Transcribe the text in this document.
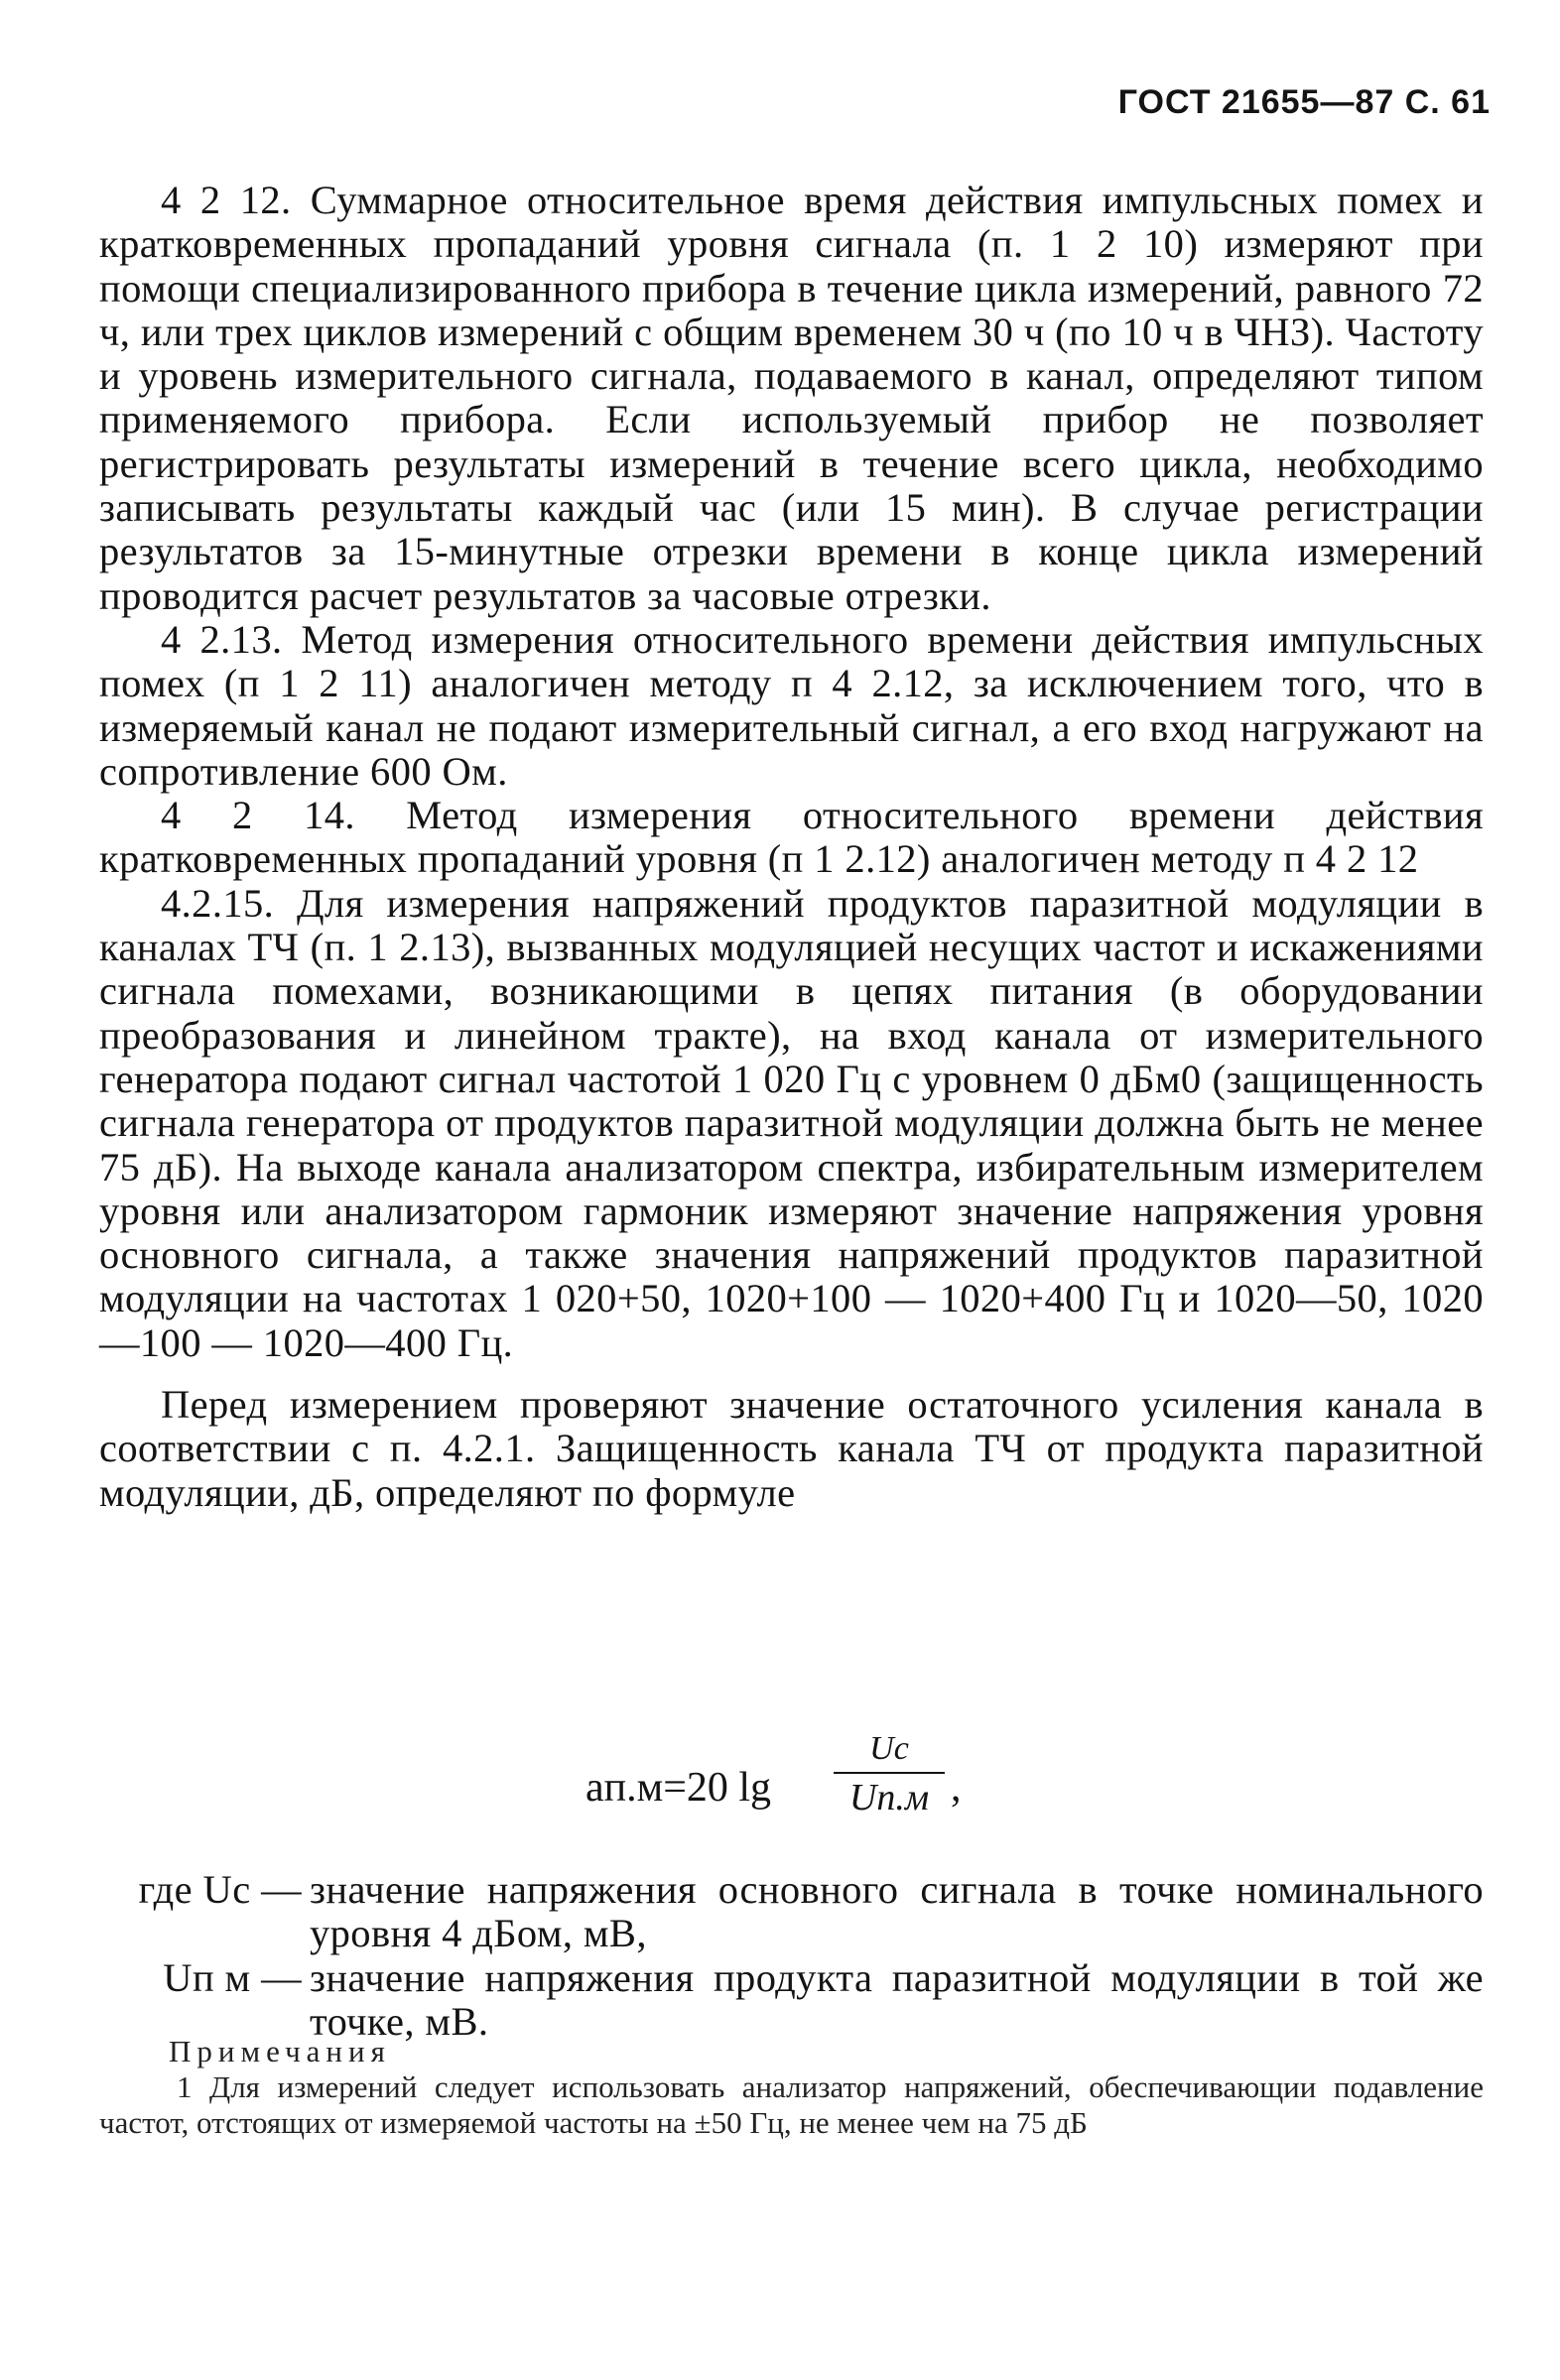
ГОСТ 21655—87 С. 61

4 2 12. Суммарное относительное время действия импульсных помех и кратковременных пропаданий уровня сигнала (п. 1 2 10) измеряют при помощи специализированного прибора в течение цикла измерений, равного 72 ч, или трех циклов измерений с общим временем 30 ч (по 10 ч в ЧНЗ). Частоту и уровень измерительного сигнала, подаваемого в канал, определяют типом применяемого прибора. Если используемый прибор не позволяет регистрировать результаты измерений в течение всего цикла, необходимо записывать результаты каждый час (или 15 мин). В случае регистрации результатов за 15-минутные отрезки времени в конце цикла измерений проводится расчет результатов за часовые отрезки.

4 2.13. Метод измерения относительного времени действия импульсных помех (п 1 2 11) аналогичен методу п 4 2.12, за исключением того, что в измеряемый канал не подают измерительный сигнал, а его вход нагружают на сопротивление 600 Ом.

4 2 14. Метод измерения относительного времени действия кратковременных пропаданий уровня (п 1 2.12) аналогичен методу п 4 2 12

4.2.15. Для измерения напряжений продуктов паразитной модуляции в каналах ТЧ (п. 1 2.13), вызванных модуляцией несущих частот и искажениями сигнала помехами, возникающими в цепях питания (в оборудовании преобразования и линейном тракте), на вход канала от измерительного генератора подают сигнал частотой 1 020 Гц с уровнем 0 дБм0 (защищенность сигнала генератора от продуктов паразитной модуляции должна быть не менее 75 дБ). На выходе канала анализатором спектра, избирательным измерителем уровня или анализатором гармоник измеряют значение напряжения уровня основного сигнала, а также значения напряжений продуктов паразитной модуляции на частотах 1 020+50, 1020+100 — 1020+400 Гц и 1020—50, 1020—100 — 1020—400 Гц.

Перед измерением проверяют значение остаточного усиления канала в соответствии с п. 4.2.1. Защищенность канала ТЧ от продукта паразитной модуляции, дБ, определяют по формуле

aп.м=20 lg
Uc
Uп.м ,
где Uс — значение напряжения основного сигнала в точке номинального уровня 4 дБом, мВ,
Uп м — значение напряжения продукта паразитной модуляции в той же точке, мВ.
Примечания

1 Для измерений следует использовать анализатор напряжений, обеспечивающии подавление частот, отстоящих от измеряемой частоты на ±50 Гц, не менее чем на 75 дБ
